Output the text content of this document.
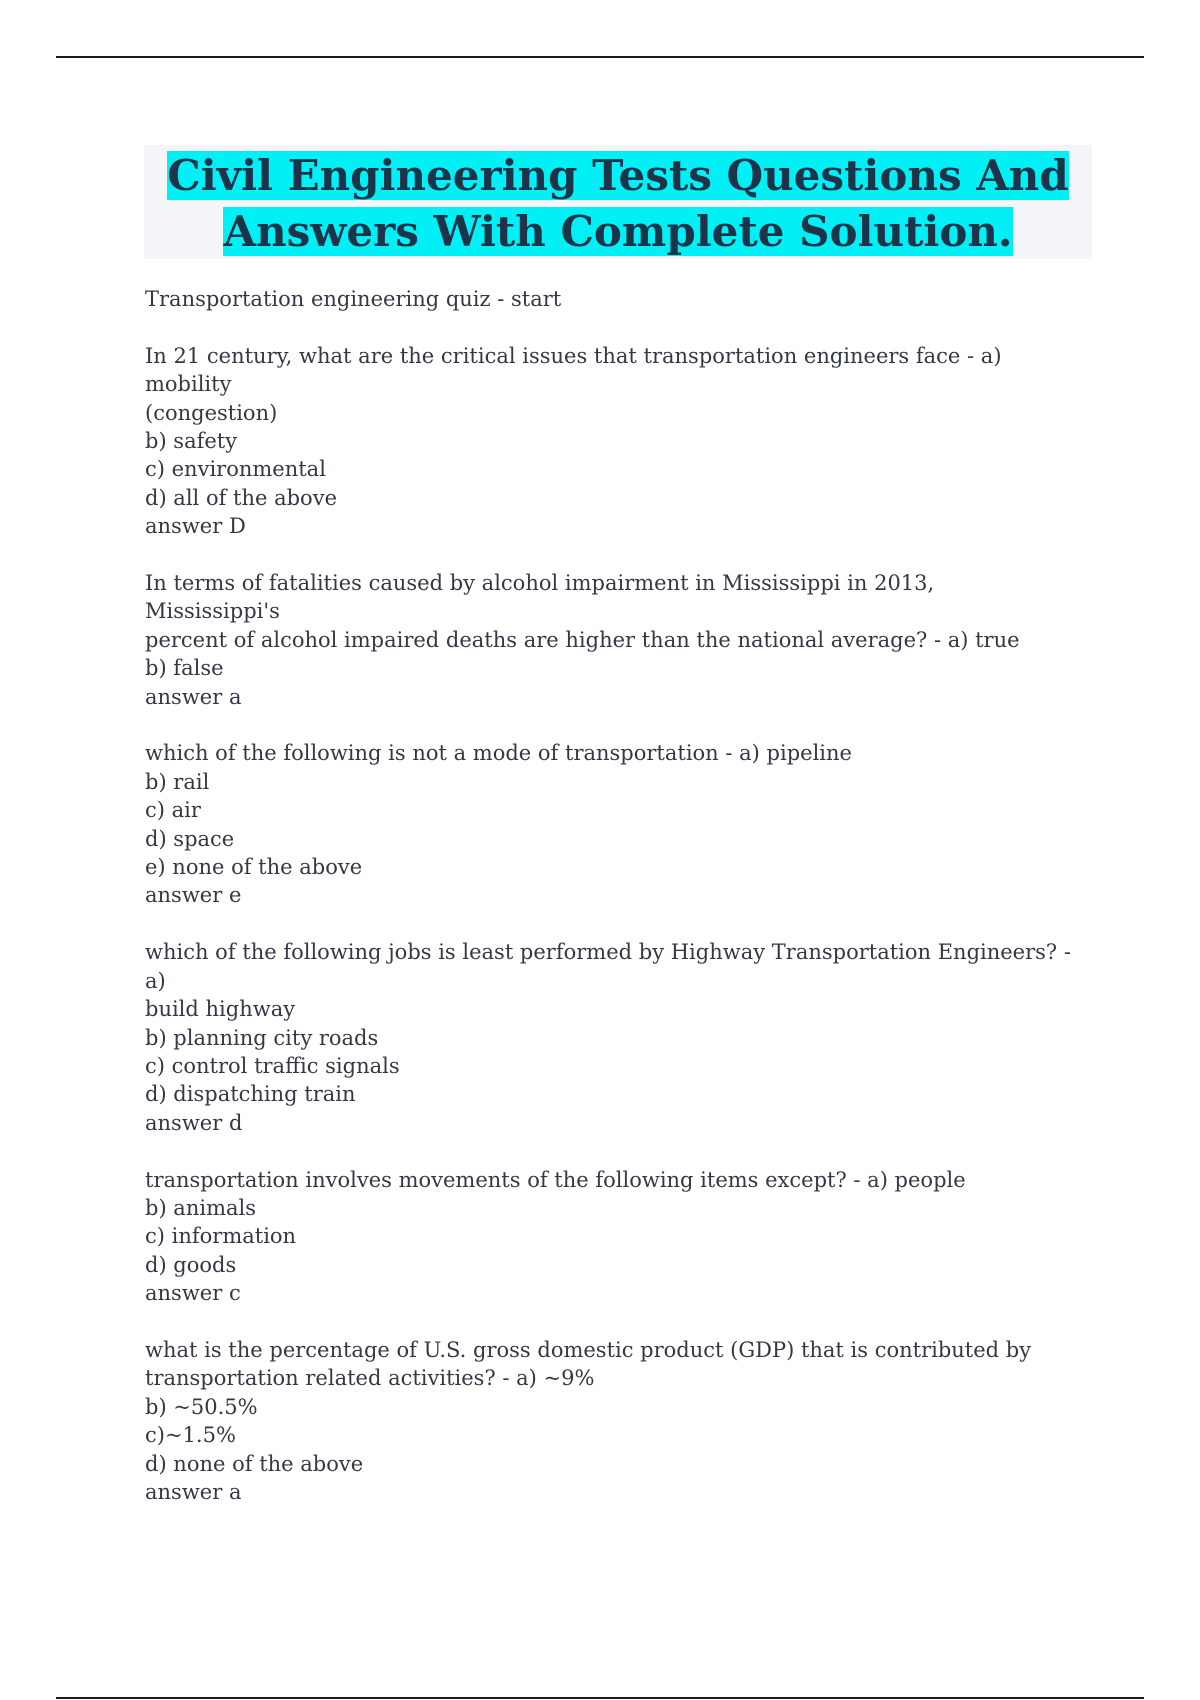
Civil Engineering Tests Questions And
Answers With Complete Solution.
Transportation engineering quiz - start
In 21 century, what are the critical issues that transportation engineers face - a) mobility
(congestion)
b) safety
c) environmental
d) all of the above
answer D
In terms of fatalities caused by alcohol impairment in Mississippi in 2013, Mississippi's
percent of alcohol impaired deaths are higher than the national average? - a) true
b) false
answer a
which of the following is not a mode of transportation - a) pipeline
b) rail
c) air
d) space
e) none of the above
answer e
which of the following jobs is least performed by Highway Transportation Engineers? - a)
build highway
b) planning city roads
c) control traffic signals
d) dispatching train
answer d
transportation involves movements of the following items except? - a) people
b) animals
c) information
d) goods
answer c
what is the percentage of U.S. gross domestic product (GDP) that is contributed by
transportation related activities? - a) ~9%
b) ~50.5%
c)~1.5%
d) none of the above
answer a
